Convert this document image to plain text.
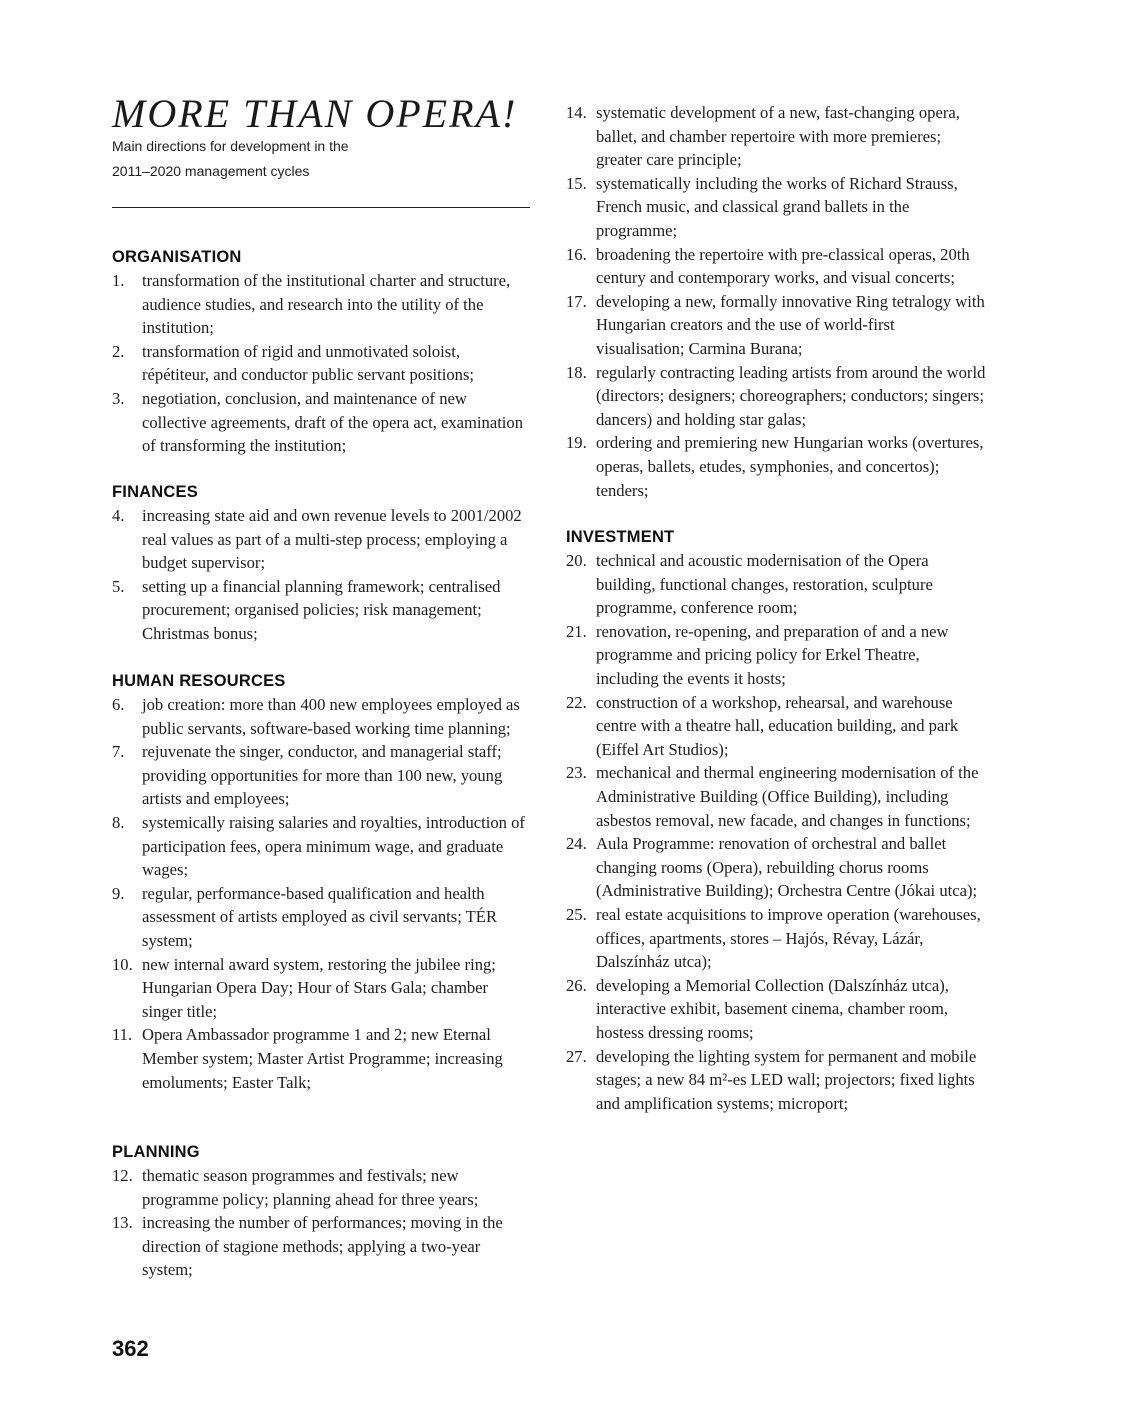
MORE THAN OPERA!
Main directions for development in the
2011–2020 management cycles
ORGANISATION
1. transformation of the institutional charter and structure, audience studies, and research into the utility of the institution;
2. transformation of rigid and unmotivated soloist, répétiteur, and conductor public servant positions;
3. negotiation, conclusion, and maintenance of new collective agreements, draft of the opera act, examination of transforming the institution;
FINANCES
4. increasing state aid and own revenue levels to 2001/2002 real values as part of a multi-step process; employing a budget supervisor;
5. setting up a financial planning framework; centralised procurement; organised policies; risk management; Christmas bonus;
HUMAN RESOURCES
6. job creation: more than 400 new employees employed as public servants, software-based working time planning;
7. rejuvenate the singer, conductor, and managerial staff; providing opportunities for more than 100 new, young artists and employees;
8. systemically raising salaries and royalties, introduction of participation fees, opera minimum wage, and graduate wages;
9. regular, performance-based qualification and health assessment of artists employed as civil servants; TÉR system;
10. new internal award system, restoring the jubilee ring; Hungarian Opera Day; Hour of Stars Gala; chamber singer title;
11. Opera Ambassador programme 1 and 2; new Eternal Member system; Master Artist Programme; increasing emoluments; Easter Talk;
PLANNING
12. thematic season programmes and festivals; new programme policy; planning ahead for three years;
13. increasing the number of performances; moving in the direction of stagione methods; applying a two-year system;
362
14. systematic development of a new, fast-changing opera, ballet, and chamber repertoire with more premieres; greater care principle;
15. systematically including the works of Richard Strauss, French music, and classical grand ballets in the programme;
16. broadening the repertoire with pre-classical operas, 20th century and contemporary works, and visual concerts;
17. developing a new, formally innovative Ring tetralogy with Hungarian creators and the use of world-first visualisation; Carmina Burana;
18. regularly contracting leading artists from around the world (directors; designers; choreographers; conductors; singers; dancers) and holding star galas;
19. ordering and premiering new Hungarian works (overtures, operas, ballets, etudes, symphonies, and concertos); tenders;
INVESTMENT
20. technical and acoustic modernisation of the Opera building, functional changes, restoration, sculpture programme, conference room;
21. renovation, re-opening, and preparation of and a new programme and pricing policy for Erkel Theatre, including the events it hosts;
22. construction of a workshop, rehearsal, and warehouse centre with a theatre hall, education building, and park (Eiffel Art Studios);
23. mechanical and thermal engineering modernisation of the Administrative Building (Office Building), including asbestos removal, new facade, and changes in functions;
24. Aula Programme: renovation of orchestral and ballet changing rooms (Opera), rebuilding chorus rooms (Administrative Building); Orchestra Centre (Jókai utca);
25. real estate acquisitions to improve operation (warehouses, offices, apartments, stores – Hajós, Révay, Lázár, Dalszínház utca);
26. developing a Memorial Collection (Dalszínház utca), interactive exhibit, basement cinema, chamber room, hostess dressing rooms;
27. developing the lighting system for permanent and mobile stages; a new 84 m²-es LED wall; projectors; fixed lights and amplification systems; microport;
